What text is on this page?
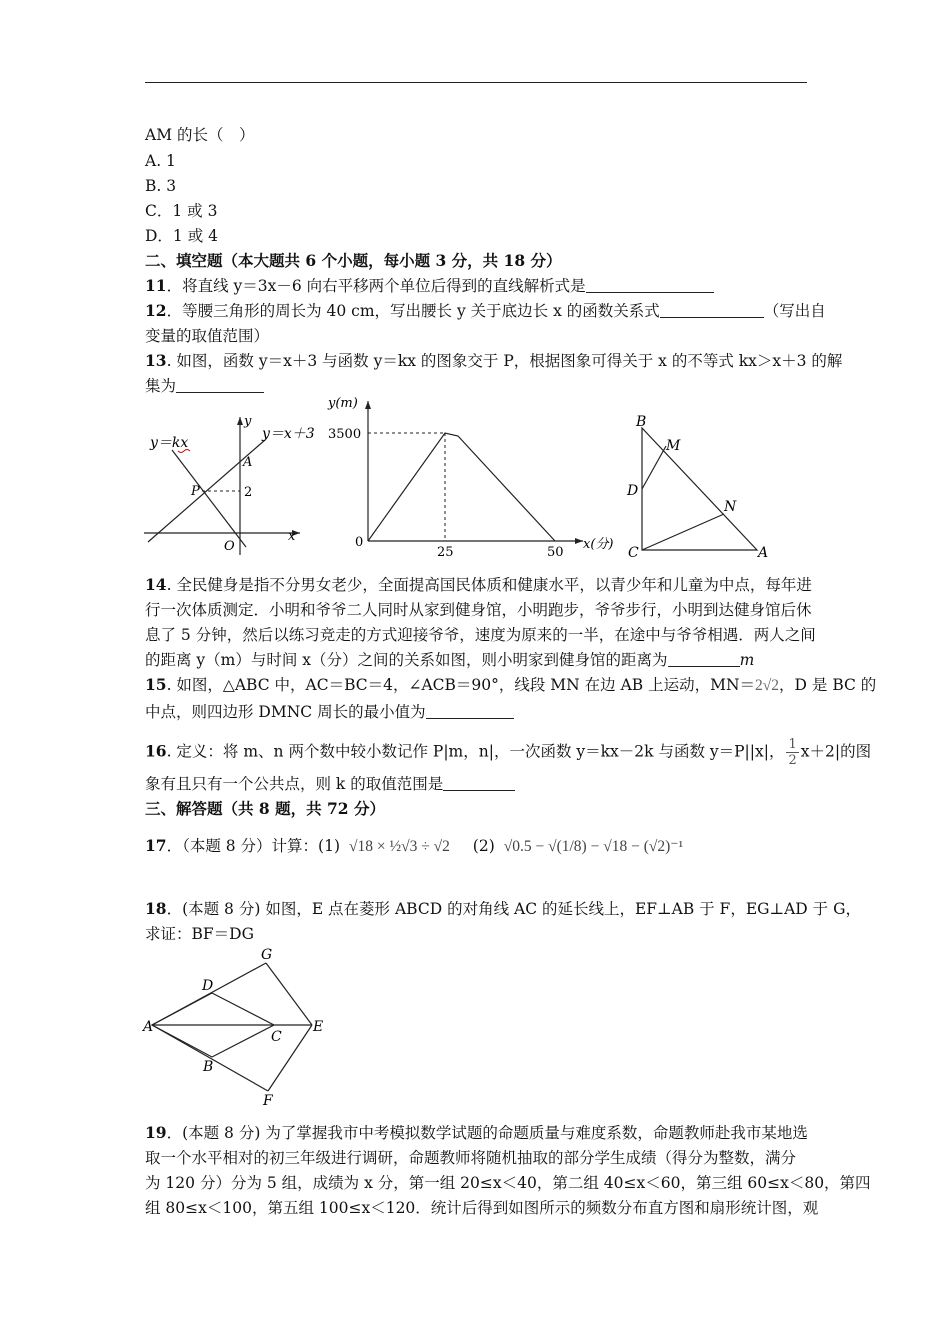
AM 的长（　）
A. 1
B. 3
C．1 或 3
D．1 或 4
二、填空题（本大题共 6 个小题，每小题 3 分，共 18 分）
11．将直线 y＝3x－6 向右平移两个单位后得到的直线解析式是
12．等腰三角形的周长为 40 cm，写出腰长 y 关于底边长 x 的函数关系式	（写出自
变量的取值范围）
13. 如图，函数 y＝x＋3 与函数 y＝kx 的图象交于 P，根据图象可得关于 x 的不等式 kx＞x＋3 的解
集为
y＝kx
y＝x＋3
y
x
A
P	2
O
y(m)
3500
0
25	50
x(分)
B
M
D
N
C	A
14. 全民健身是指不分男女老少，全面提高国民体质和健康水平，以青少年和儿童为中点，每年进
行一次体质测定．小明和爷爷二人同时从家到健身馆，小明跑步，爷爷步行，小明到达健身馆后休
息了 5 分钟，然后以练习竞走的方式迎接爷爷，速度为原来的一半，在途中与爷爷相遇．两人之间
的距离 y（m）与时间 x（分）之间的关系如图，则小明家到健身馆的距离为	m
15. 如图，△ABC 中，AC＝BC＝4，∠ACB＝90°，线段 MN 在边 AB 上运动，MN＝2√2，D 是 BC 的
中点，则四边形 DMNC 周长的最小值为
16. 定义：将 m、n 两个数中较小数记作 P|m，n|，一次函数 y＝kx－2k 与函数 y＝P||x|， $\frac{1}{2} x+2|$的图
象有且只有一个公共点，则 k 的取值范围是
三、解答题（共 8 题，共 72 分）
17．（本题 8 分）计算：(1) √18 × ½√3 ÷ √2 (2) √0.5 − √(1/8) − √18 − (√2)⁻¹
18．(本题 8 分) 如图，E 点在菱形 ABCD 的对角线 AC 的延长线上，EF⊥AB 于 F，EG⊥AD 于 G，
求证：BF＝DG
A
D
B
C
E
G
F
19．(本题 8 分) 为了掌握我市中考模拟数学试题的命题质量与难度系数，命题教师赴我市某地选
取一个水平相对的初三年级进行调研，命题教师将随机抽取的部分学生成绩（得分为整数，满分
为 120 分）分为 5 组，成绩为 x 分，第一组 20≤x＜40，第二组 40≤x＜60，第三组 60≤x＜80，第四
组 80≤x＜100，第五组 100≤x＜120．统计后得到如图所示的频数分布直方图和扇形统计图，观
